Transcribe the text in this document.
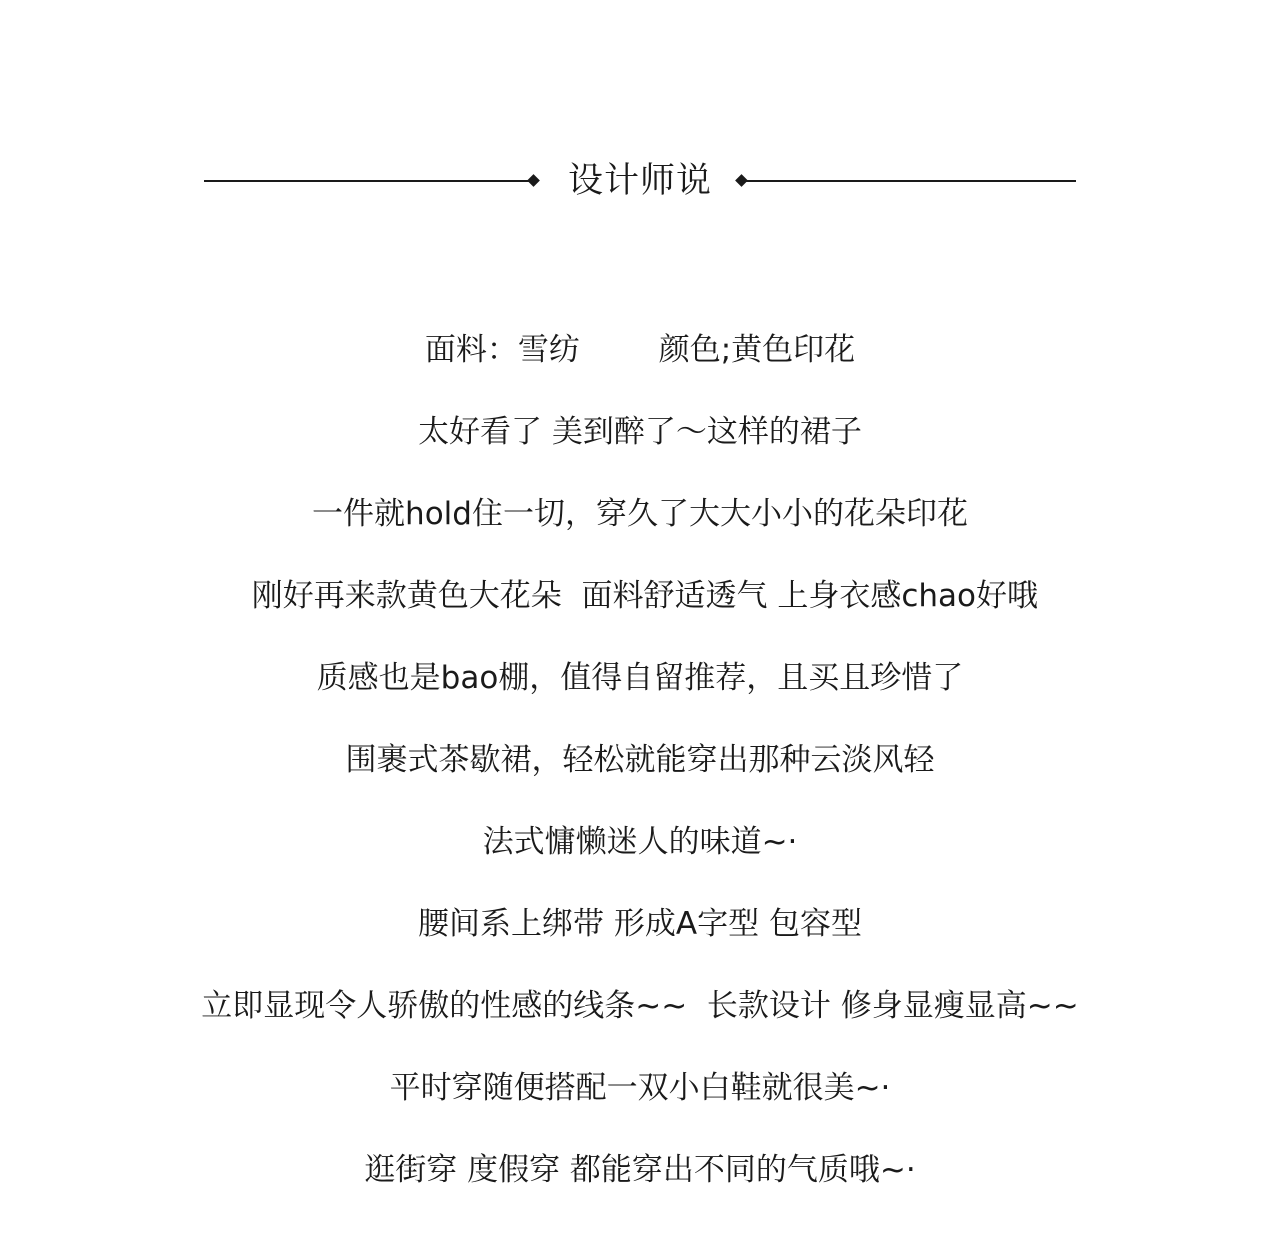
设计师说
面料：雪纺        颜色;黄色印花
太好看了 美到醉了～这样的裙子
一件就hold住一切，穿久了大大小小的花朵印花
刚好再来款黄色大花朵  面料舒适透气 上身衣感chao好哦
质感也是bao棚，值得自留推荐，且买且珍惜了
围裹式茶歇裙，轻松就能穿出那种云淡风轻
法式慵懒迷人的味道~·
腰间系上绑带 形成A字型 包容型
立即显现令人骄傲的性感的线条~~  长款设计 修身显瘦显高~~
平时穿随便搭配一双小白鞋就很美~·
逛街穿 度假穿 都能穿出不同的气质哦~·
